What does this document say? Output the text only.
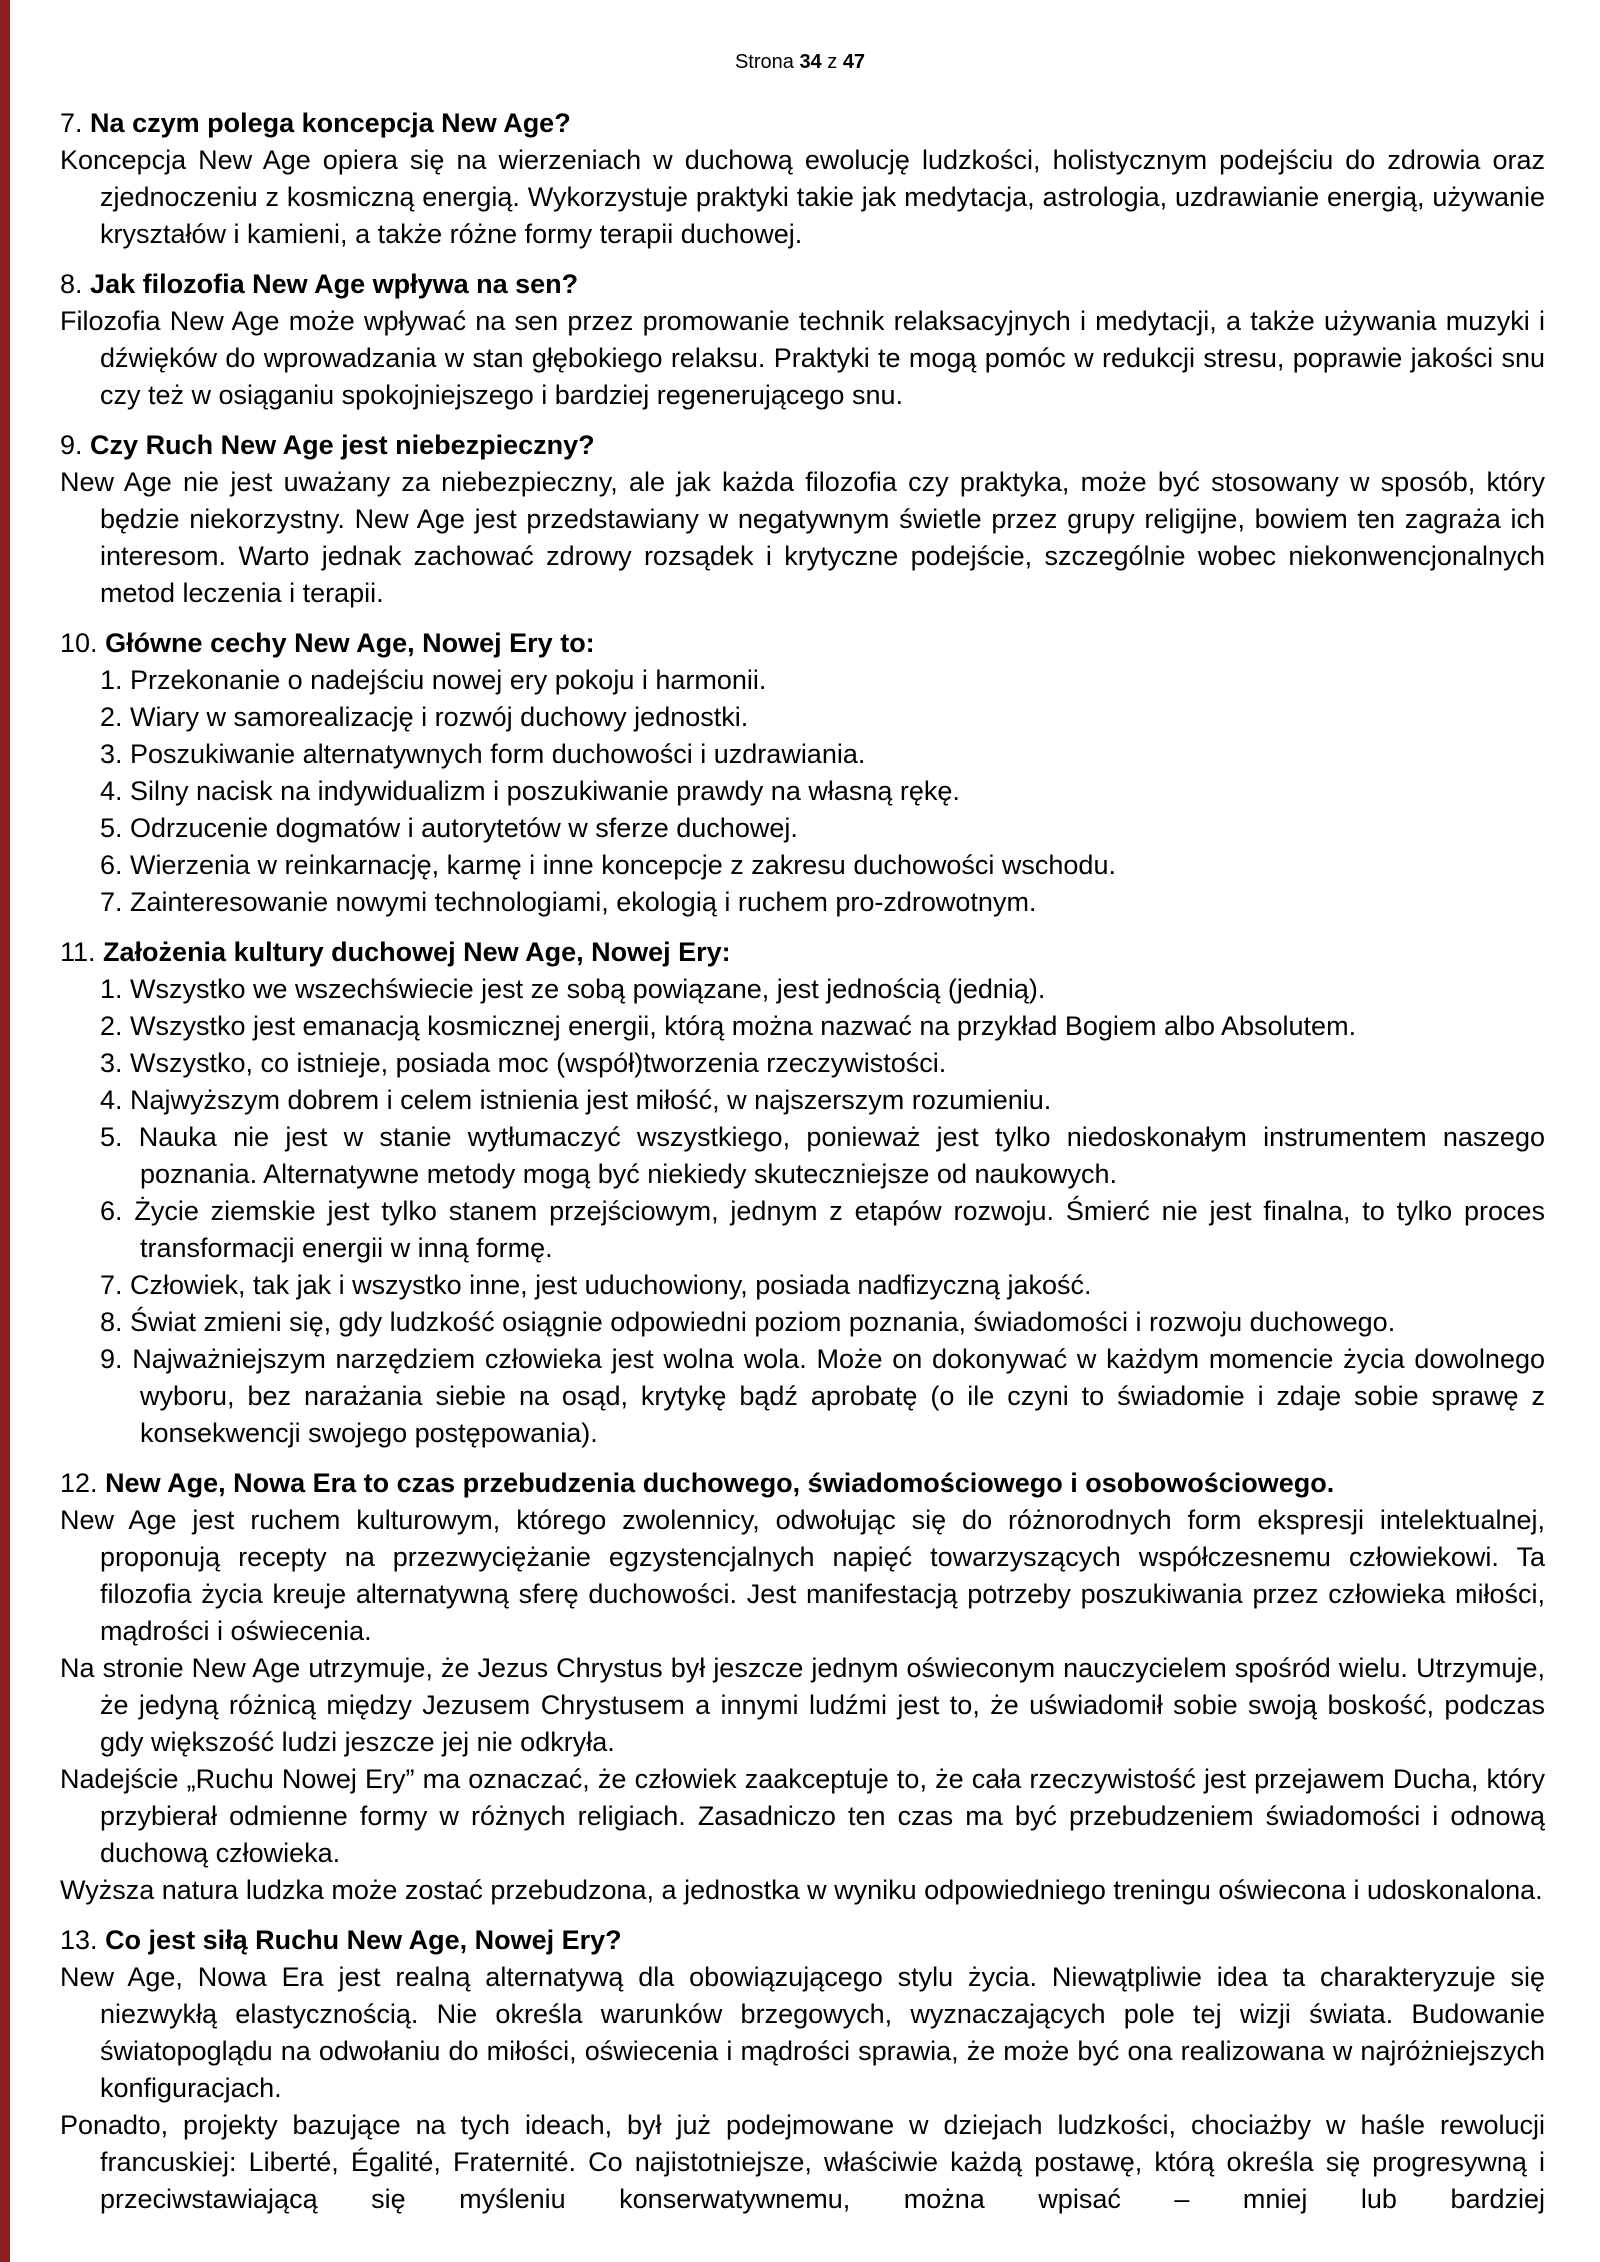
Strona 34 z 47

7. Na czym polega koncepcja New Age?

Koncepcja New Age opiera się na wierzeniach w duchową ewolucję ludzkości, holistycznym podejściu do zdrowia oraz zjednoczeniu z kosmiczną energią. Wykorzystuje praktyki takie jak medytacja, astrologia, uzdrawianie energią, używanie kryształów i kamieni, a także różne formy terapii duchowej.

8. Jak filozofia New Age wpływa na sen?

Filozofia New Age może wpływać na sen przez promowanie technik relaksacyjnych i medytacji, a także używania muzyki i dźwięków do wprowadzania w stan głębokiego relaksu. Praktyki te mogą pomóc w redukcji stresu, poprawie jakości snu czy też w osiąganiu spokojniejszego i bardziej regenerującego snu.

9. Czy Ruch New Age jest niebezpieczny?

New Age nie jest uważany za niebezpieczny, ale jak każda filozofia czy praktyka, może być stosowany w sposób, który będzie niekorzystny. New Age jest przedstawiany w negatywnym świetle przez grupy religijne, bowiem ten zagraża ich interesom. Warto jednak zachować zdrowy rozsądek i krytyczne podejście, szczególnie wobec niekonwencjonalnych metod leczenia i terapii.

10. Główne cechy New Age, Nowej Ery to:

1. Przekonanie o nadejściu nowej ery pokoju i harmonii.

2. Wiary w samorealizację i rozwój duchowy jednostki.

3. Poszukiwanie alternatywnych form duchowości i uzdrawiania.

4. Silny nacisk na indywidualizm i poszukiwanie prawdy na własną rękę.

5. Odrzucenie dogmatów i autorytetów w sferze duchowej.

6. Wierzenia w reinkarnację, karmę i inne koncepcje z zakresu duchowości wschodu.

7. Zainteresowanie nowymi technologiami, ekologią i ruchem pro-zdrowotnym.

11. Założenia kultury duchowej New Age, Nowej Ery:

1. Wszystko we wszechświecie jest ze sobą powiązane, jest jednością (jednią).

2. Wszystko jest emanacją kosmicznej energii, którą można nazwać na przykład Bogiem albo Absolutem.

3. Wszystko, co istnieje, posiada moc (współ)tworzenia rzeczywistości.

4. Najwyższym dobrem i celem istnienia jest miłość, w najszerszym rozumieniu.

5. Nauka nie jest w stanie wytłumaczyć wszystkiego, ponieważ jest tylko niedoskonałym instrumentem naszego poznania. Alternatywne metody mogą być niekiedy skuteczniejsze od naukowych.

6. Życie ziemskie jest tylko stanem przejściowym, jednym z etapów rozwoju. Śmierć nie jest finalna, to tylko proces transformacji energii w inną formę.

7. Człowiek, tak jak i wszystko inne, jest uduchowiony, posiada nadfizyczną jakość.

8. Świat zmieni się, gdy ludzkość osiągnie odpowiedni poziom poznania, świadomości i rozwoju duchowego.

9. Najważniejszym narzędziem człowieka jest wolna wola. Może on dokonywać w każdym momencie życia dowolnego wyboru, bez narażania siebie na osąd, krytykę bądź aprobatę (o ile czyni to świadomie i zdaje sobie sprawę z konsekwencji swojego postępowania).

12. New Age, Nowa Era to czas przebudzenia duchowego, świadomościowego i osobowościowego.

New Age jest ruchem kulturowym, którego zwolennicy, odwołując się do różnorodnych form ekspresji intelektualnej, proponują recepty na przezwyciężanie egzystencjalnych napięć towarzyszących współczesnemu człowiekowi. Ta filozofia życia kreuje alternatywną sferę duchowości. Jest manifestacją potrzeby poszukiwania przez człowieka miłości, mądrości i oświecenia.

Na stronie New Age utrzymuje, że Jezus Chrystus był jeszcze jednym oświeconym nauczycielem spośród wielu. Utrzymuje, że jedyną różnicą między Jezusem Chrystusem a innymi ludźmi jest to, że uświadomił sobie swoją boskość, podczas gdy większość ludzi jeszcze jej nie odkryła.

Nadejście „Ruchu Nowej Ery” ma oznaczać, że człowiek zaakceptuje to, że cała rzeczywistość jest przejawem Ducha, który przybierał odmienne formy w różnych religiach. Zasadniczo ten czas ma być przebudzeniem świadomości i odnową duchową człowieka.

Wyższa natura ludzka może zostać przebudzona, a jednostka w wyniku odpowiedniego treningu oświecona i udoskonalona.

13. Co jest siłą Ruchu New Age, Nowej Ery?

New Age, Nowa Era jest realną alternatywą dla obowiązującego stylu życia. Niewątpliwie idea ta charakteryzuje się niezwykłą elastycznością. Nie określa warunków brzegowych, wyznaczających pole tej wizji świata. Budowanie światopoglądu na odwołaniu do miłości, oświecenia i mądrości sprawia, że może być ona realizowana w najróżniejszych konfiguracjach.

Ponadto, projekty bazujące na tych ideach, był już podejmowane w dziejach ludzkości, chociażby w haśle rewolucji francuskiej: Liberté, Égalité, Fraternité. Co najistotniejsze, właściwie każdą postawę, którą określa się progresywną i przeciwstawiającą się myśleniu konserwatywnemu, można wpisać – mniej lub bardziej
